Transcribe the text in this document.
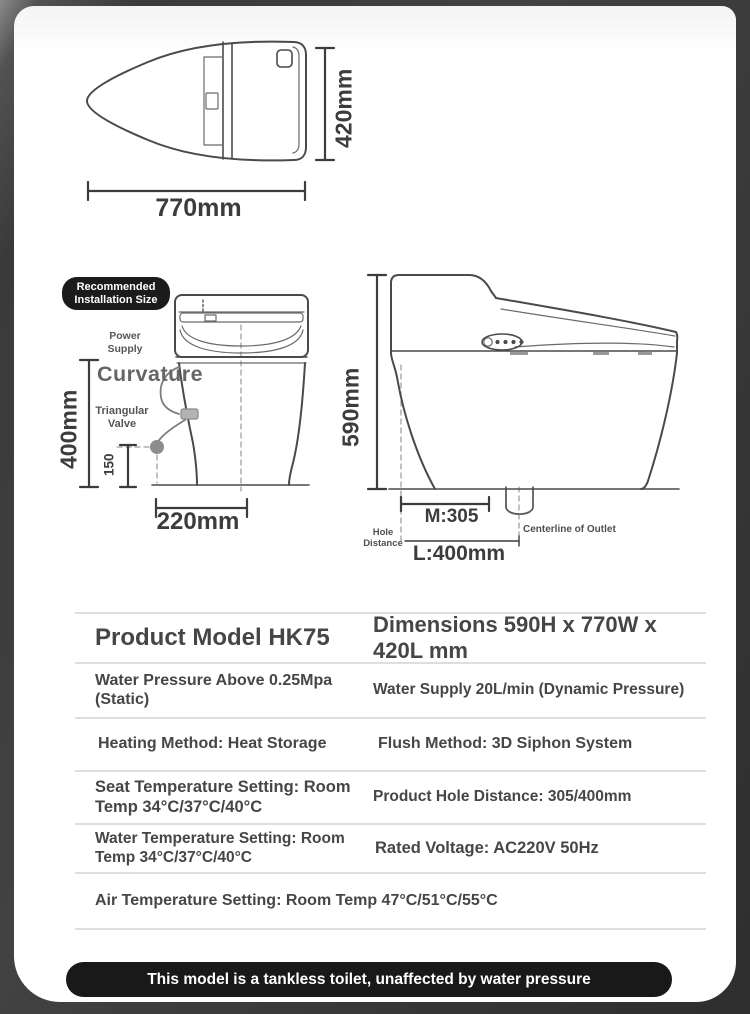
420mm
770mm
Recommended
Installation Size
Power Supply
Curvature
Triangular Valve
400mm 150
220mm
590mm
M:305
Hole Distance L:400mm
Centerline of Outlet
Product Model HK75	Dimensions 590H x 770W x 420L mm
Water Pressure Above 0.25Mpa (Static)
Water Supply 20L/min (Dynamic Pressure)
Heating Method: Heat Storage	Flush Method: 3D Siphon System
Seat Temperature Setting: Room Temp 34°C/37°C/40°C
Product Hole Distance: 305/400mm
Water Temperature Setting: Room Temp 34°C/37°C/40°C
Rated Voltage: AC220V 50Hz
Air Temperature Setting: Room Temp 47°C/51°C/55°C
This model is a tankless toilet, unaffected by water pressure
